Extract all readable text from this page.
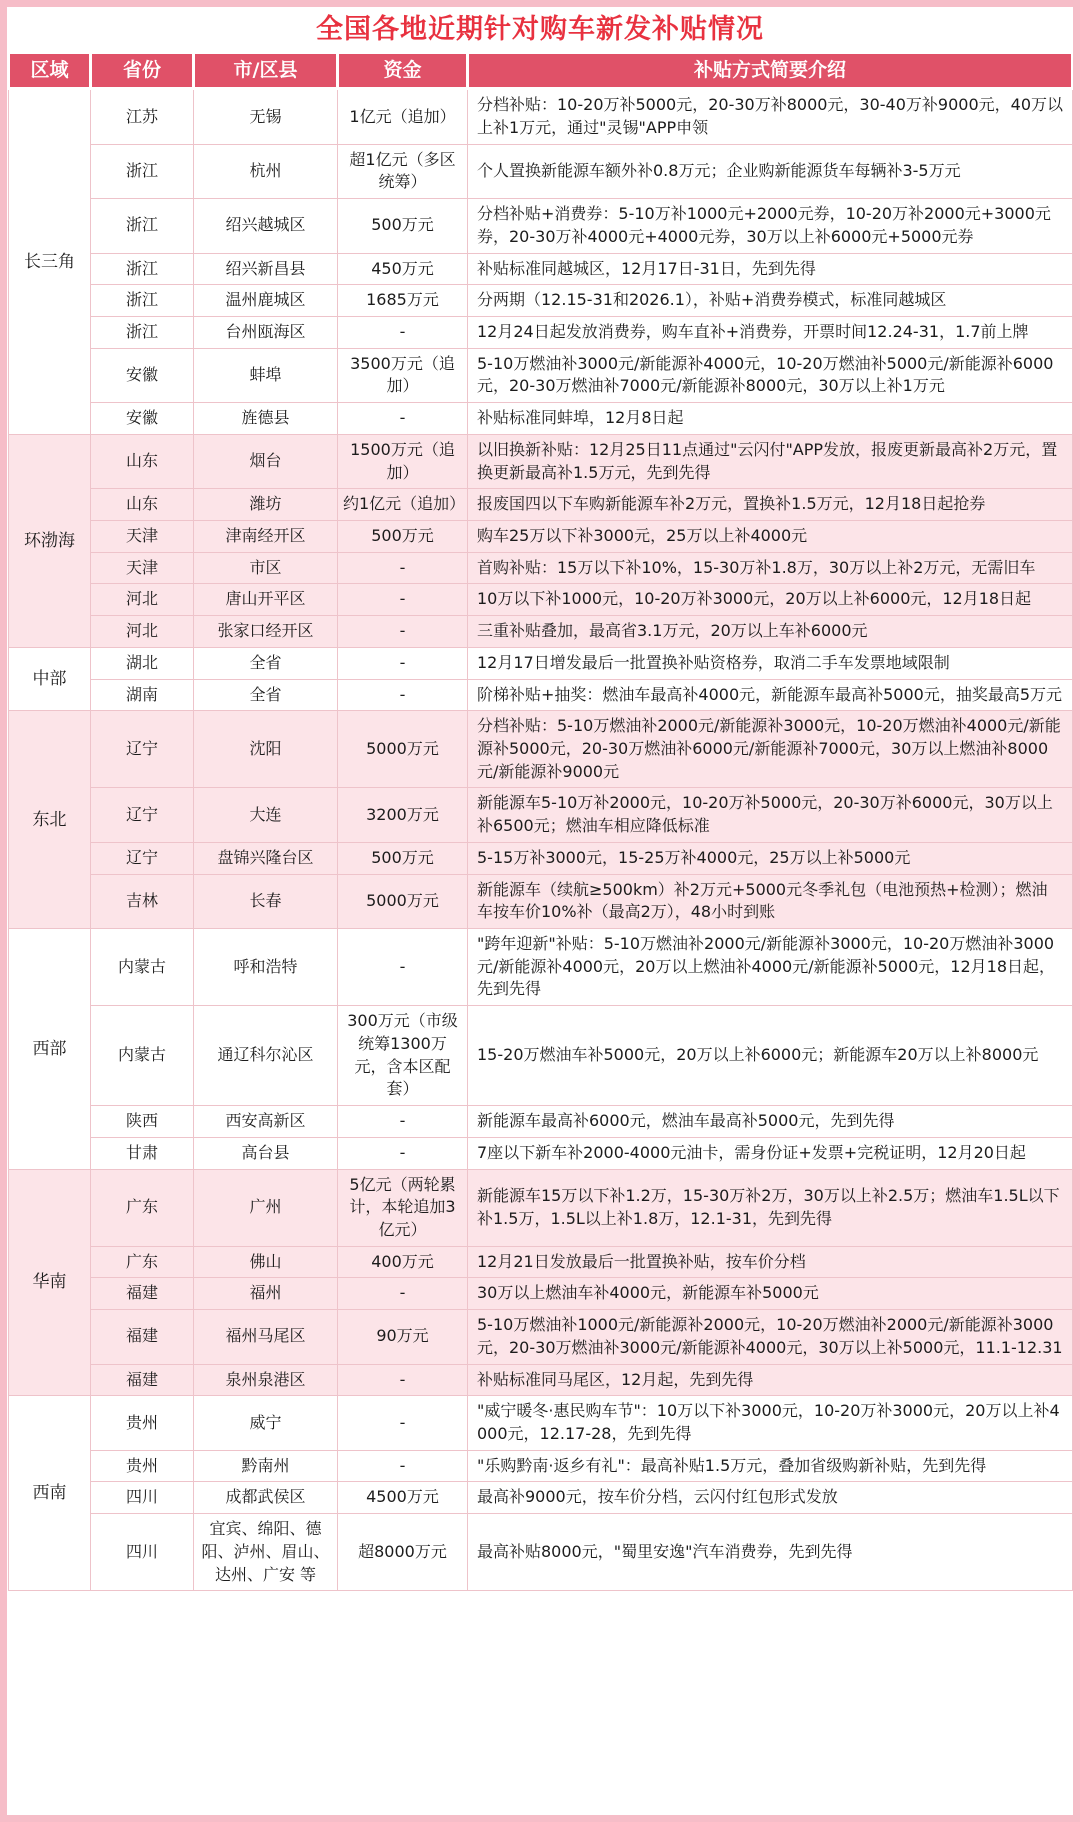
全国各地近期针对购车新发补贴情况
区域	省份	市/区县	资金	补贴方式简要介绍
长三角	江苏	无锡	1亿元（追加）	分档补贴：10-20万补5000元，20-30万补8000元，30-40万补9000元，40万以上补1万元，通过"灵锡"APP申领
	浙江	杭州	超1亿元（多区统筹）	个人置换新能源车额外补0.8万元；企业购新能源货车每辆补3-5万元
	浙江	绍兴越城区	500万元	分档补贴+消费券：5-10万补1000元+2000元券，10-20万补2000元+3000元券，20-30万补4000元+4000元券，30万以上补6000元+5000元券
	浙江	绍兴新昌县	450万元	补贴标准同越城区，12月17日-31日，先到先得
	浙江	温州鹿城区	1685万元	分两期（12.15-31和2026.1），补贴+消费券模式，标准同越城区
	浙江	台州瓯海区	-	12月24日起发放消费券，购车直补+消费券，开票时间12.24-31，1.7前上牌
	安徽	蚌埠	3500万元（追加）	5-10万燃油补3000元/新能源补4000元，10-20万燃油补5000元/新能源补6000元，20-30万燃油补7000元/新能源补8000元，30万以上补1万元
	安徽	旌德县	-	补贴标准同蚌埠，12月8日起
环渤海	山东	烟台	1500万元（追加）	以旧换新补贴：12月25日11点通过"云闪付"APP发放，报废更新最高补2万元，置换更新最高补1.5万元，先到先得
	山东	潍坊	约1亿元（追加）	报废国四以下车购新能源车补2万元，置换补1.5万元，12月18日起抢券
	天津	津南经开区	500万元	购车25万以下补3000元，25万以上补4000元
	天津	市区	-	首购补贴：15万以下补10%，15-30万补1.8万，30万以上补2万元，无需旧车
	河北	唐山开平区	-	10万以下补1000元，10-20万补3000元，20万以上补6000元，12月18日起
	河北	张家口经开区	-	三重补贴叠加，最高省3.1万元，20万以上车补6000元
中部	湖北	全省	-	12月17日增发最后一批置换补贴资格券，取消二手车发票地域限制
	湖南	全省	-	阶梯补贴+抽奖：燃油车最高补4000元，新能源车最高补5000元，抽奖最高5万元
东北	辽宁	沈阳	5000万元	分档补贴：5-10万燃油补2000元/新能源补3000元，10-20万燃油补4000元/新能源补5000元，20-30万燃油补6000元/新能源补7000元，30万以上燃油补8000元/新能源补9000元
	辽宁	大连	3200万元	新能源车5-10万补2000元，10-20万补5000元，20-30万补6000元，30万以上补6500元；燃油车相应降低标准
	辽宁	盘锦兴隆台区	500万元	5-15万补3000元，15-25万补4000元，25万以上补5000元
	吉林	长春	5000万元	新能源车（续航≥500km）补2万元+5000元冬季礼包（电池预热+检测）；燃油车按车价10%补（最高2万），48小时到账
西部	内蒙古	呼和浩特	-	"跨年迎新"补贴：5-10万燃油补2000元/新能源补3000元，10-20万燃油补3000元/新能源补4000元，20万以上燃油补4000元/新能源补5000元，12月18日起，先到先得
	内蒙古	通辽科尔沁区	300万元（市级统筹1300万元，含本区配套）	15-20万燃油车补5000元，20万以上补6000元；新能源车20万以上补8000元
	陕西	西安高新区	-	新能源车最高补6000元，燃油车最高补5000元，先到先得
	甘肃	高台县	-	7座以下新车补2000-4000元油卡，需身份证+发票+完税证明，12月20日起
华南	广东	广州	5亿元（两轮累计，本轮追加3亿元）	新能源车15万以下补1.2万，15-30万补2万，30万以上补2.5万；燃油车1.5L以下补1.5万，1.5L以上补1.8万，12.1-31，先到先得
	广东	佛山	400万元	12月21日发放最后一批置换补贴，按车价分档
	福建	福州	-	30万以上燃油车补4000元，新能源车补5000元
	福建	福州马尾区	90万元	5-10万燃油补1000元/新能源补2000元，10-20万燃油补2000元/新能源补3000元，20-30万燃油补3000元/新能源补4000元，30万以上补5000元，11.1-12.31
	福建	泉州泉港区	-	补贴标准同马尾区，12月起，先到先得
西南	贵州	威宁	-	"威宁暖冬·惠民购车节"：10万以下补3000元，10-20万补3000元，20万以上补4000元，12.17-28，先到先得
	贵州	黔南州	-	"乐购黔南·返乡有礼"：最高补贴1.5万元，叠加省级购新补贴，先到先得
	四川	成都武侯区	4500万元	最高补9000元，按车价分档，云闪付红包形式发放
	四川	宜宾、绵阳、德阳、泸州、眉山、达州、广安 等	超8000万元	最高补贴8000元，"蜀里安逸"汽车消费券，先到先得
